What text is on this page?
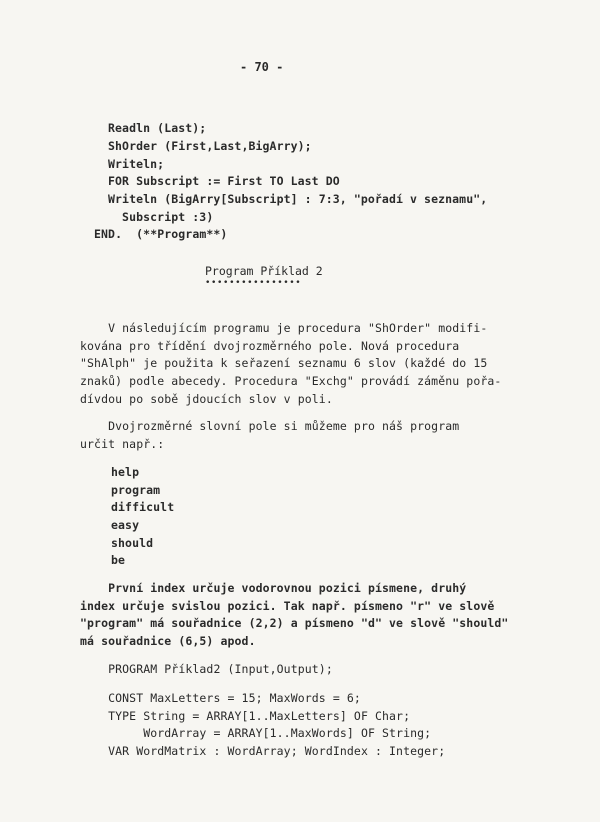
- 70 -
Readln (Last);
ShOrder (First,Last,BigArry);
Writeln;
FOR Subscript := First TO Last DO
Writeln (BigArry[Subscript] : 7:3, "pořadí v seznamu",
Subscript :3)
END.  (**Program**)
Program Příklad 2
••••••••••••••••
V následujícím programu je procedura "ShOrder" modifi-
kována pro třídění dvojrozměrného pole. Nová procedura
"ShAlph" je použita k seřazení seznamu 6 slov (každé do 15
znaků) podle abecedy. Procedura "Exchg" provádí záměnu pořa-
dívdou po sobě jdoucích slov v poli.
Dvojrozměrné slovní pole si můžeme pro náš program
určit např.:
help
program
difficult
easy
should
be
První index určuje vodorovnou pozici písmene, druhý
index určuje svislou pozici. Tak např. písmeno "r" ve slově
"program" má souřadnice (2,2) a písmeno "d" ve slově "should"
má souřadnice (6,5) apod.
PROGRAM Příklad2 (Input,Output);
CONST MaxLetters = 15; MaxWords = 6;
TYPE String = ARRAY[1..MaxLetters] OF Char;
WordArray = ARRAY[1..MaxWords] OF String;
VAR WordMatrix : WordArray; WordIndex : Integer;
